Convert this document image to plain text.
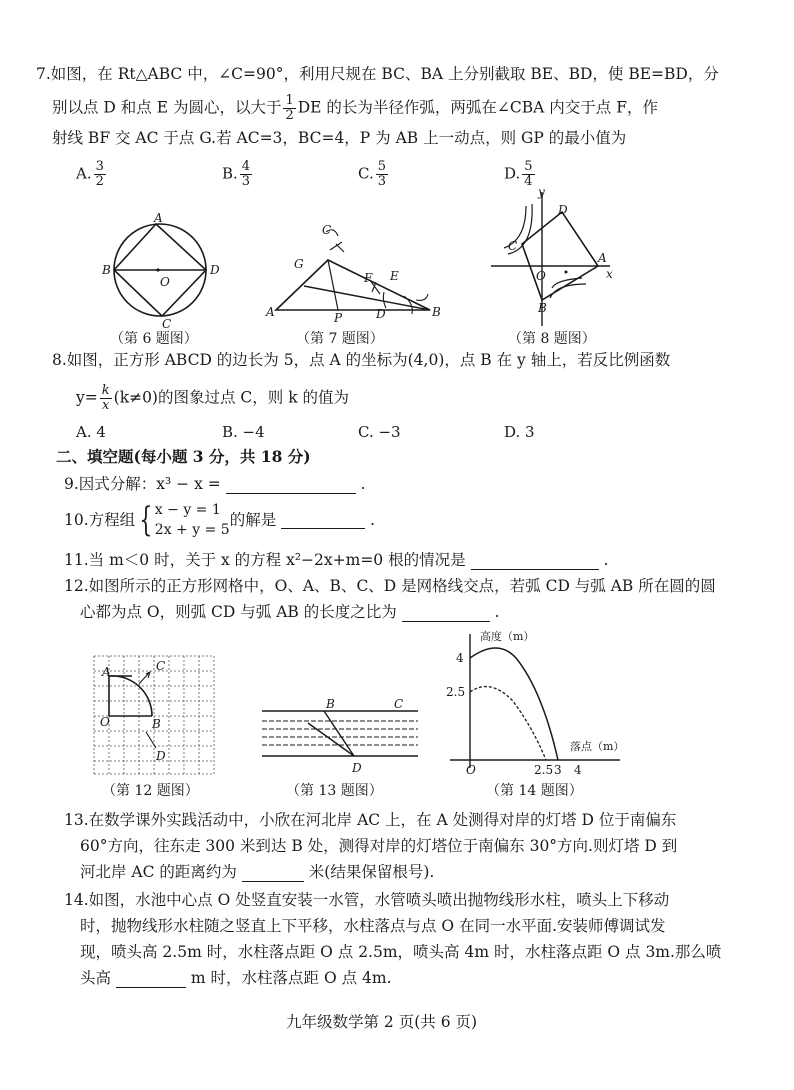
7.如图，在 Rt△ABC 中，∠C=90°，利用尺规在 BC、BA 上分别截取 BE、BD，使 BE=BD，分
别以点 D 和点 E 为圆心，以大于 $\frac{1}{2}$ DE 的长为半径作弧，两弧在∠CBA 内交于点 F，作
射线 BF 交 AC 于点 G.若 AC=3，BC=4，P 为 AB 上一动点，则 GP 的最小值为
A. $\frac{3}{2}$	B. $\frac{4}{3}$	C. $\frac{5}{3}$	D. $\frac{5}{4}$
A
B	D
C
O
（第 6 题图）
A	B
C
G
P	D
F E
（第 7 题图）
y
x
A
B
C
D
O
（第 8 题图）
8.如图，正方形 ABCD 的边长为 5，点 A 的坐标为(4,0)，点 B 在 y 轴上，若反比例函数
$y= \frac{k}{x} (k\ne 0)$的图象过点 C，则 k 的值为
A. 4	B. −4	C. −3	D. 3
二、填空题(每小题 3 分，共 18 分)
9.因式分解：x³ − x =	.
10.方程组 { x − y = 1
2x + y = 5
的解是	.
11.当 m＜0 时，关于 x 的方程 x²−2x+m=0 根的情况是	.
12.如图所示的正方形网格中，O、A、B、C、D 是网格线交点，若弧 CD 与弧 AB 所在圆的圆
心都为点 O，则弧 CD 与弧 AB 的长度之比为	.
A
O	B
C
D
（第 12 题图）
B	C
D
（第 13 题图）
高度（m）
落点（m）
4
2.5
O	2.5 3 4
（第 14 题图）
13.在数学课外实践活动中，小欣在河北岸 AC 上，在 A 处测得对岸的灯塔 D 位于南偏东
60°方向，往东走 300 米到达 B 处，测得对岸的灯塔位于南偏东 30°方向.则灯塔 D 到
河北岸 AC 的距离约为	米(结果保留根号).
14.如图，水池中心点 O 处竖直安装一水管，水管喷头喷出抛物线形水柱，喷头上下移动
时，抛物线形水柱随之竖直上下平移，水柱落点与点 O 在同一水平面.安装师傅调试发
现，喷头高 2.5m 时，水柱落点距 O 点 2.5m，喷头高 4m 时，水柱落点距 O 点 3m.那么喷
头高	m 时，水柱落点距 O 点 4m.
九年级数学第 2 页(共 6 页)
